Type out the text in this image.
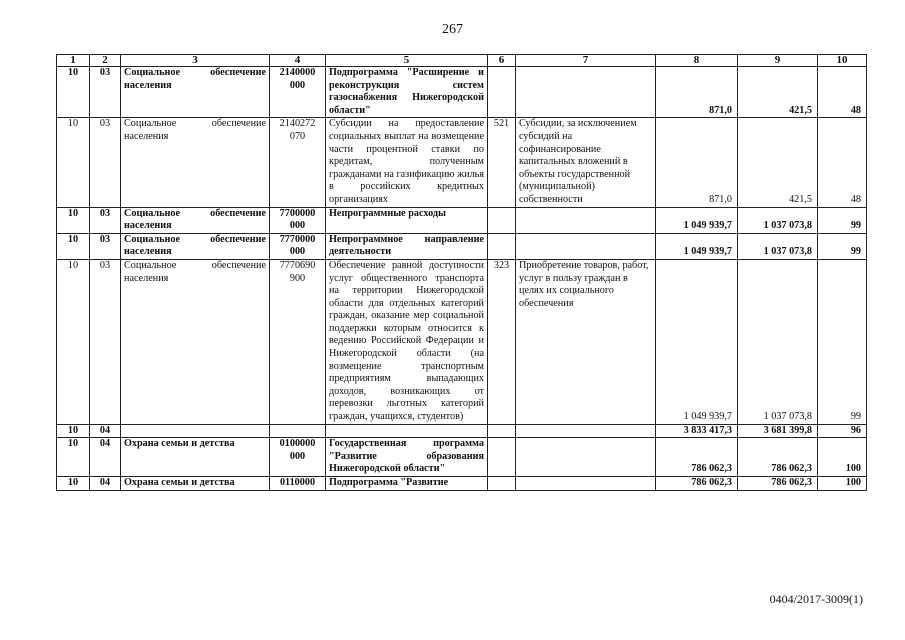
267
1	2	3	4	5	6	7	8	9	10
10	03	Социальное обеспечение населения	2140000 000	Подпрограмма "Расширение и реконструкция систем газоснабжения Нижегородской области"			871,0	421,5	48
10	03	Социальное обеспечение населения	2140272 070	Субсидии на предоставление социальных выплат на возмещение части процентной ставки по кредитам, полученным гражданами на газификацию жилья в российских кредитных организациях	521	Субсидии, за исключением субсидий на софинансирование капитальных вложений в объекты государственной (муниципальной) собственности	871,0	421,5	48
10	03	Социальное обеспечение населения	7700000 000	Непрограммные расходы			1 049 939,7	1 037 073,8	99
10	03	Социальное обеспечение населения	7770000 000	Непрограммное направление деятельности			1 049 939,7	1 037 073,8	99
10	03	Социальное обеспечение населения	7770690 900	Обеспечение равной доступности услуг общественного транспорта на территории Нижегородской области для отдельных категорий граждан, оказание мер социальной поддержки которым относится к ведению Российской Федерации и Нижегородской области (на возмещение транспортным предприятиям выпадающих доходов, возникающих от перевозки льготных категорий граждан, учащихся, студентов)	323	Приобретение товаров, работ, услуг в пользу граждан в целях их социального обеспечения	1 049 939,7	1 037 073,8	99
10	04						3 833 417,3	3 681 399,8	96
10	04	Охрана семьи и детства	0100000 000	Государственная программа "Развитие образования Нижегородской области"			786 062,3	786 062,3	100
10	04	Охрана семьи и детства	0110000	Подпрограмма "Развитие			786 062,3	786 062,3	100
0404/2017-3009(1)
